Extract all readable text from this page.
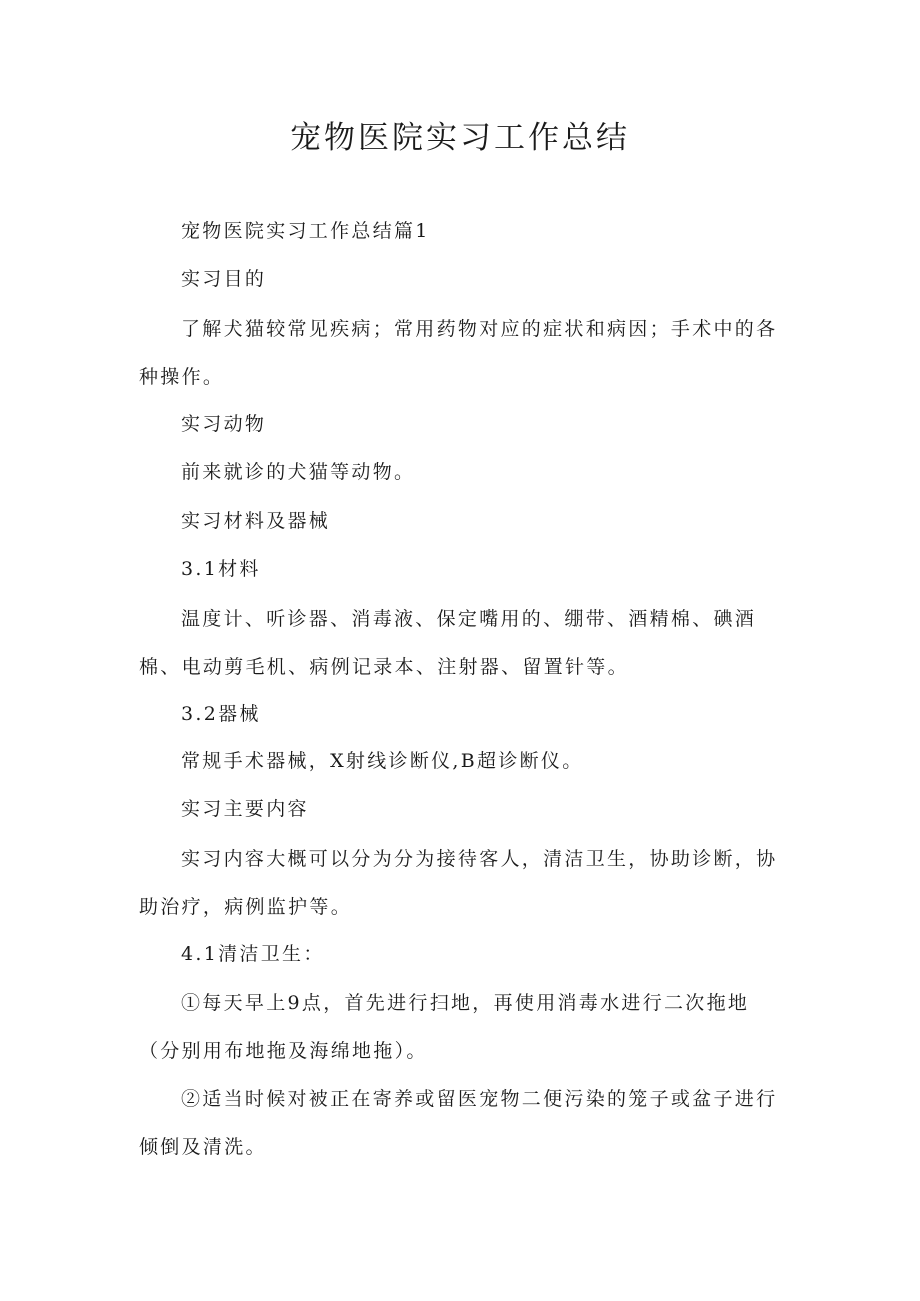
宠物医院实习工作总结

宠物医院实习工作总结篇1

实习目的

了解犬猫较常见疾病；常用药物对应的症状和病因；手术中的各种操作。

实习动物

前来就诊的犬猫等动物。

实习材料及器械

3.1材料

温度计、听诊器、消毒液、保定嘴用的、绷带、酒精棉、碘酒棉、电动剪毛机、病例记录本、注射器、留置针等。

3.2器械

常规手术器械，X射线诊断仪,B超诊断仪。

实习主要内容

实习内容大概可以分为分为接待客人，清洁卫生，协助诊断，协助治疗，病例监护等。

4.1清洁卫生：

①每天早上9点，首先进行扫地，再使用消毒水进行二次拖地（分别用布地拖及海绵地拖）。

②适当时候对被正在寄养或留医宠物二便污染的笼子或盆子进行倾倒及清洗。
